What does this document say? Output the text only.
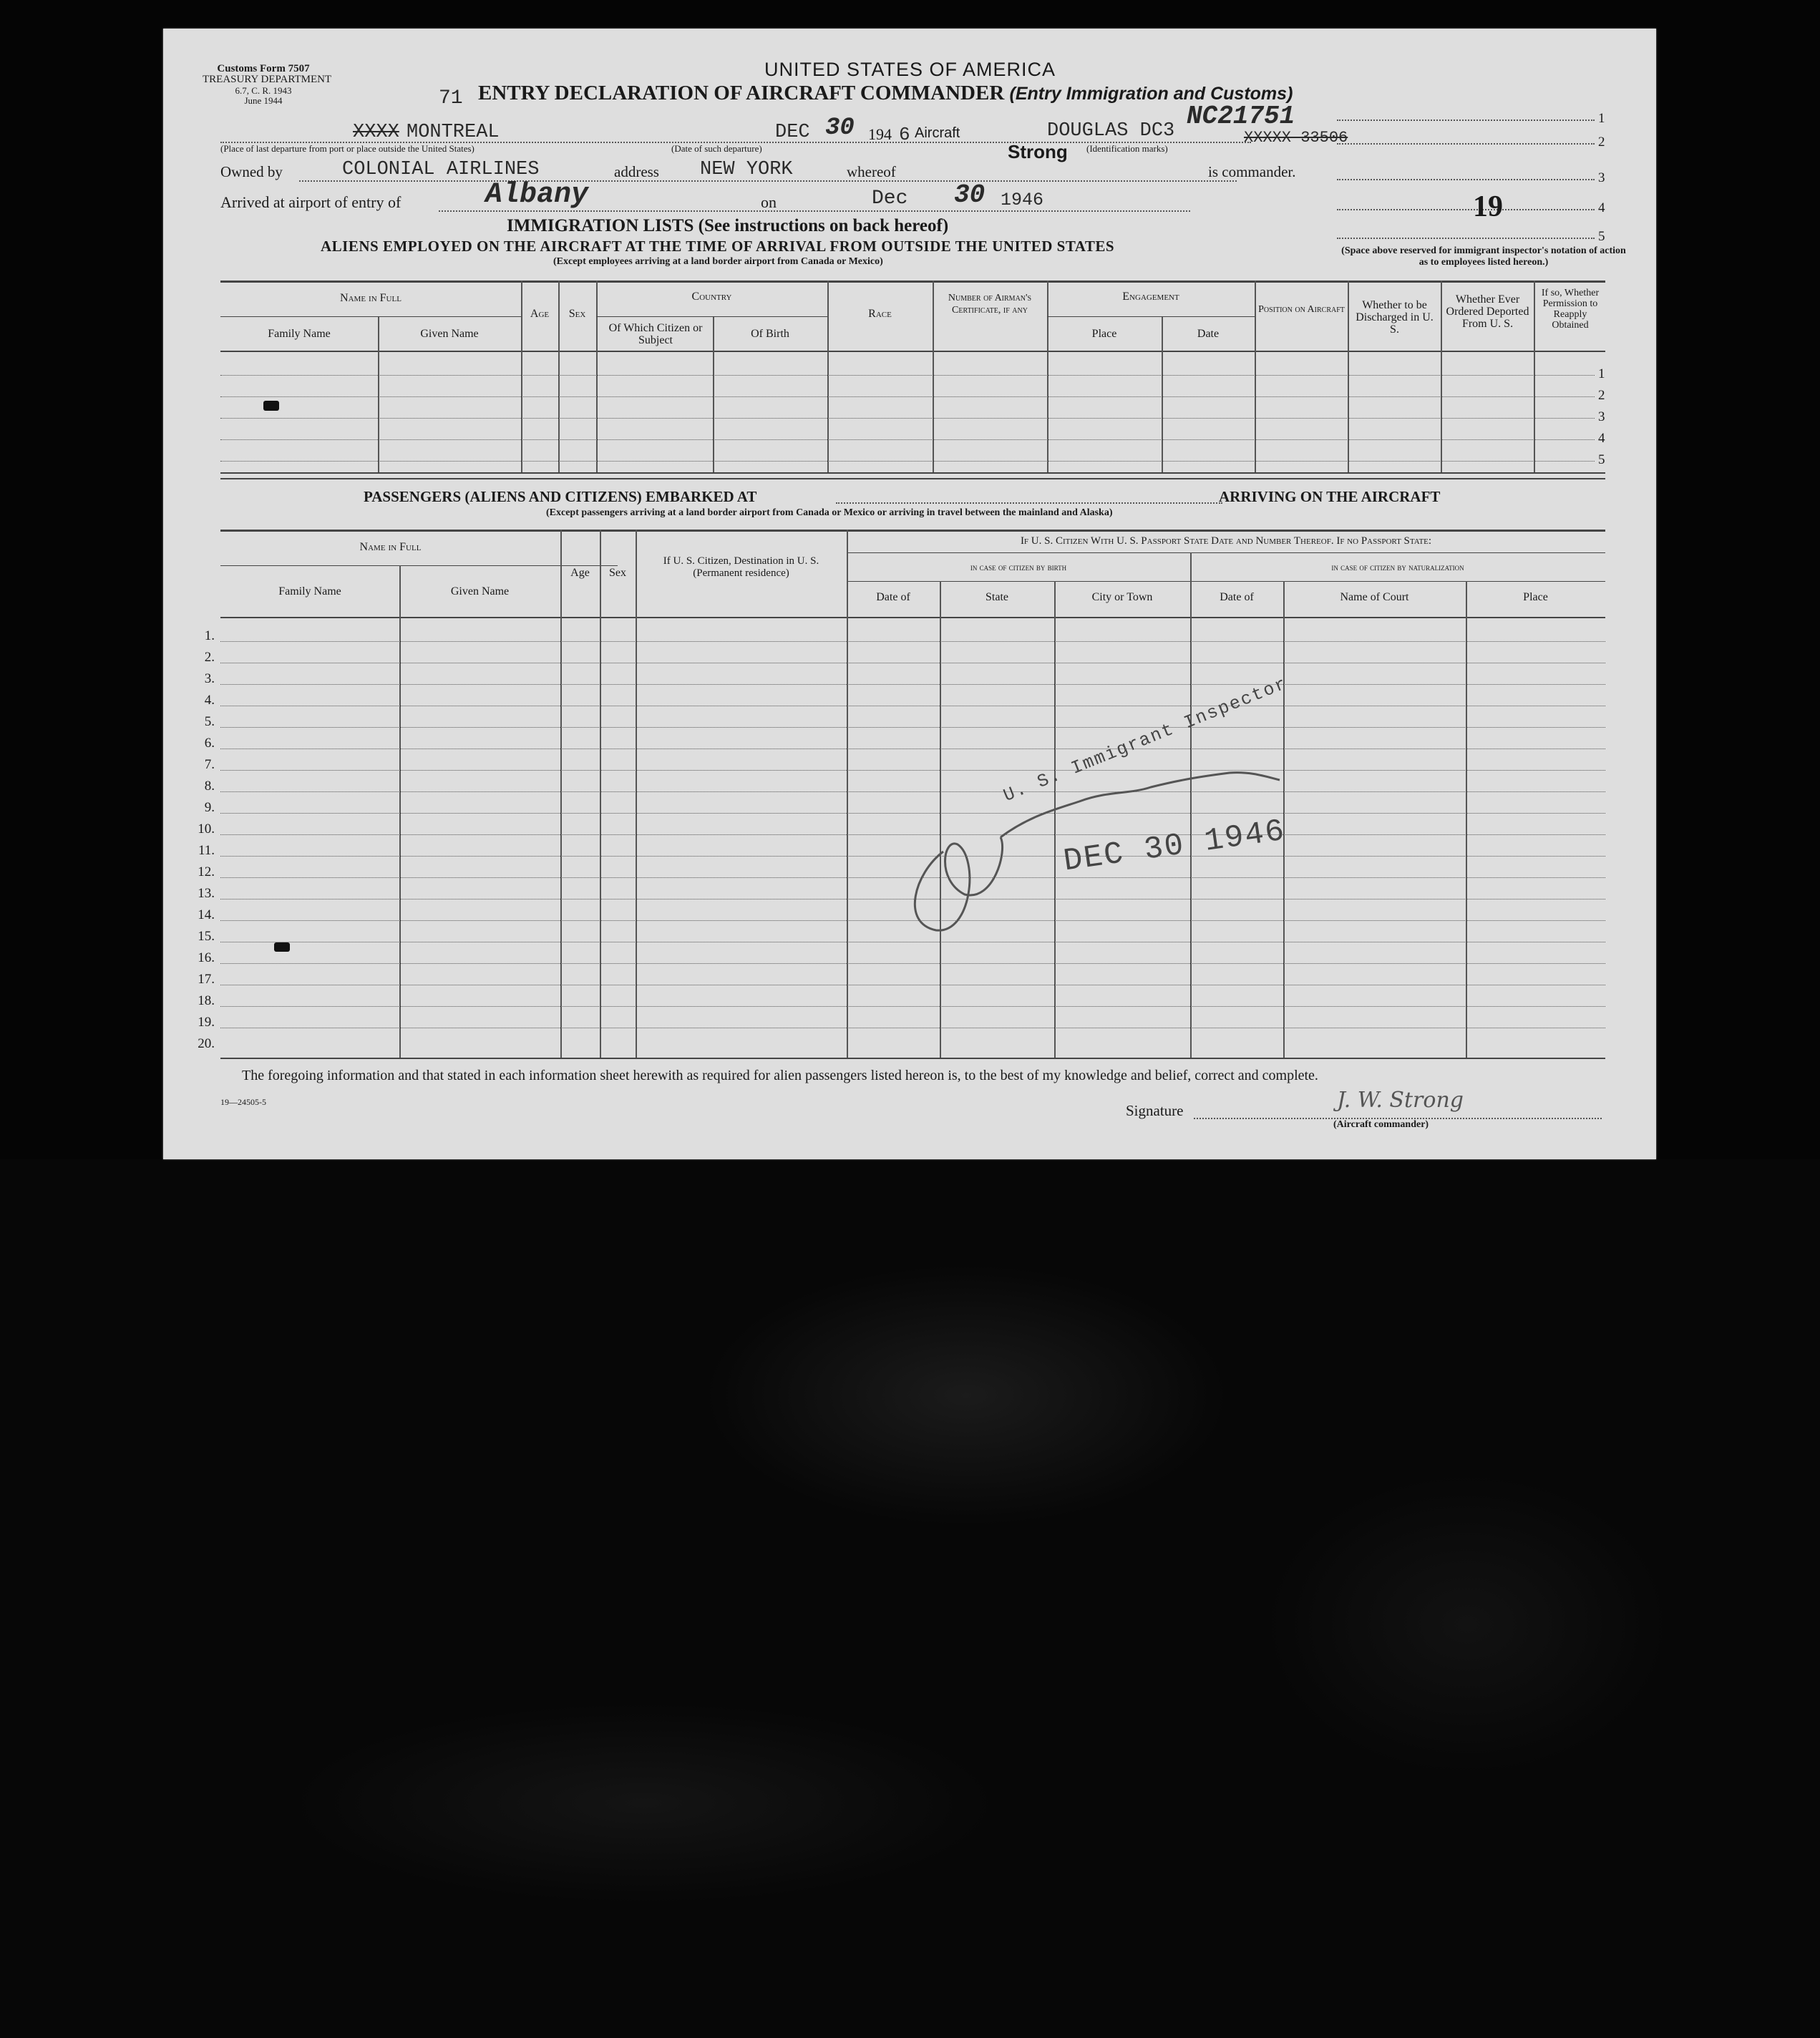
Customs Form 7507
TREASURY DEPARTMENT
6.7, C. R. 1943
June 1944	71
UNITED STATES OF AMERICA
ENTRY DECLARATION OF AIRCRAFT COMMANDER (Entry Immigration and Customs)
1
2
3
4
5
19
(Space above reserved for immigrant inspector's notation of action as to employees listed hereon.)
XXXX MONTREAL
(Place of last departure from port or place outside the United States)
DEC 30 194 6
(Date of such departure)
Aircraft	DOUGLAS DC3 NC21751
XXXXX 33506
(Identification marks)
Strong
Owned by	COLONIAL AIRLINES	address NEW YORK	whereof	is commander.
Arrived at airport of entry of	Albany	on	Dec 30 1946
IMMIGRATION LISTS (See instructions on back hereof)
ALIENS EMPLOYED ON THE AIRCRAFT AT THE TIME OF ARRIVAL FROM OUTSIDE THE UNITED STATES
(Except employees arriving at a land border airport from Canada or Mexico)
Name in Full
Family Name	Given Name
Age	Sex
Country
Of Which Citizen or Subject
Of Birth
Race
Number of Airman's Certificate, if any
Engagement
Place	Date
Position on Aircraft	Whether to be Discharged in U. S.
Whether Ever Ordered Deported From U. S.
If so, Whether Permission to Reapply Obtained
1
2
3
4
5
PASSENGERS (ALIENS AND CITIZENS) EMBARKED AT	ARRIVING ON THE AIRCRAFT
(Except passengers arriving at a land border airport from Canada or Mexico or arriving in travel between the mainland and Alaska)
Name in Full
Family Name	Given Name
Age	Sex
If U. S. Citizen, Destination in U. S. (Permanent residence)
If U. S. Citizen With U. S. Passport State Date and Number Thereof. If no Passport State:
in case of citizen by birth	in case of citizen by naturalization
Date of	State	City or Town	Date of	Name of Court	Place
1.
2.
3.
4.
5.
6.
7.
8.
9.
10.
11.
12.
13.
14.
15.
16.
17.
18.
19.
20.
U. S. Immigrant Inspector
DEC 30 1946
The foregoing information and that stated in each information sheet herewith as required for alien passengers listed hereon is, to the best of my knowledge and belief, correct and complete.
19—24505-5	Signature	J. W. Strong
(Aircraft commander)
